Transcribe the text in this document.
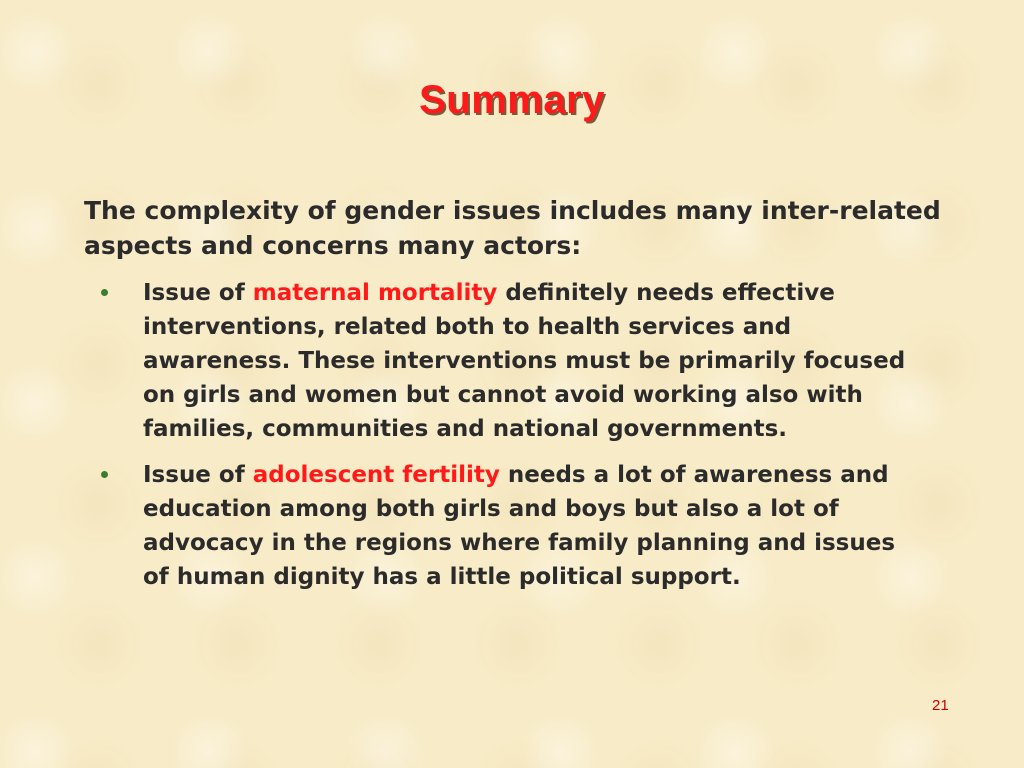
Summary
The complexity of gender issues includes many inter-related aspects and concerns many actors:
Issue of maternal mortality definitely needs effective interventions, related both to health services and awareness. These interventions must be primarily focused on girls and women but cannot avoid working also with families, communities and national governments.
Issue of adolescent fertility needs a lot of awareness and education among both girls and boys but also a lot of advocacy in the regions where family planning and issues of human dignity has a little political support.
21
